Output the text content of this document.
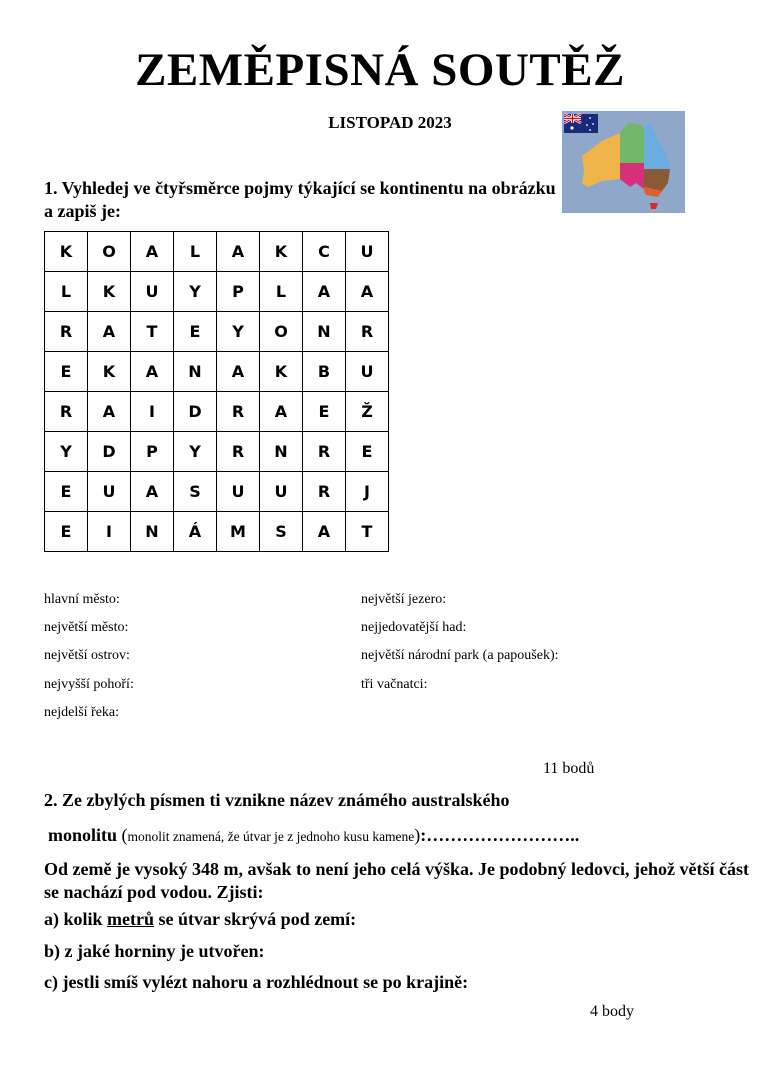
ZEMĚPISNÁ SOUTĚŽ
LISTOPAD 2023
1. Vyhledej ve čtyřsměrce pojmy týkající se kontinentu na obrázku a zapiš je:
K	O	A	L	A	K	C	U
L	K	U	Y	P	L	A	A
R	A	T	E	Y	O	N	R
E	K	A	N	A	K	B	U
R	A	I	D	R	A	E	Ž
Y	D	P	Y	R	N	R	E
E	U	A	S	U	U	R	J
E	I	N	Á	M	S	A	T
hlavní město:
největší město:
největší ostrov:
nejvyšší pohoří:
nejdelší řeka:
největší jezero:
nejjedovatější had:
největší národní park (a papoušek):
tři vačnatci:
11 bodů
2. Ze zbylých písmen ti vznikne název známého australského
monolitu (monolit znamená, že útvar je z jednoho kusu kamene):……………………..
Od země je vysoký 348 m, avšak to není jeho celá výška. Je podobný ledovci, jehož větší část se nachází pod vodou. Zjisti:
a) kolik metrů se útvar skrývá pod zemí:
b) z jaké horniny je utvořen:
c) jestli smíš vylézt nahoru a rozhlédnout se po krajině:
4 body
